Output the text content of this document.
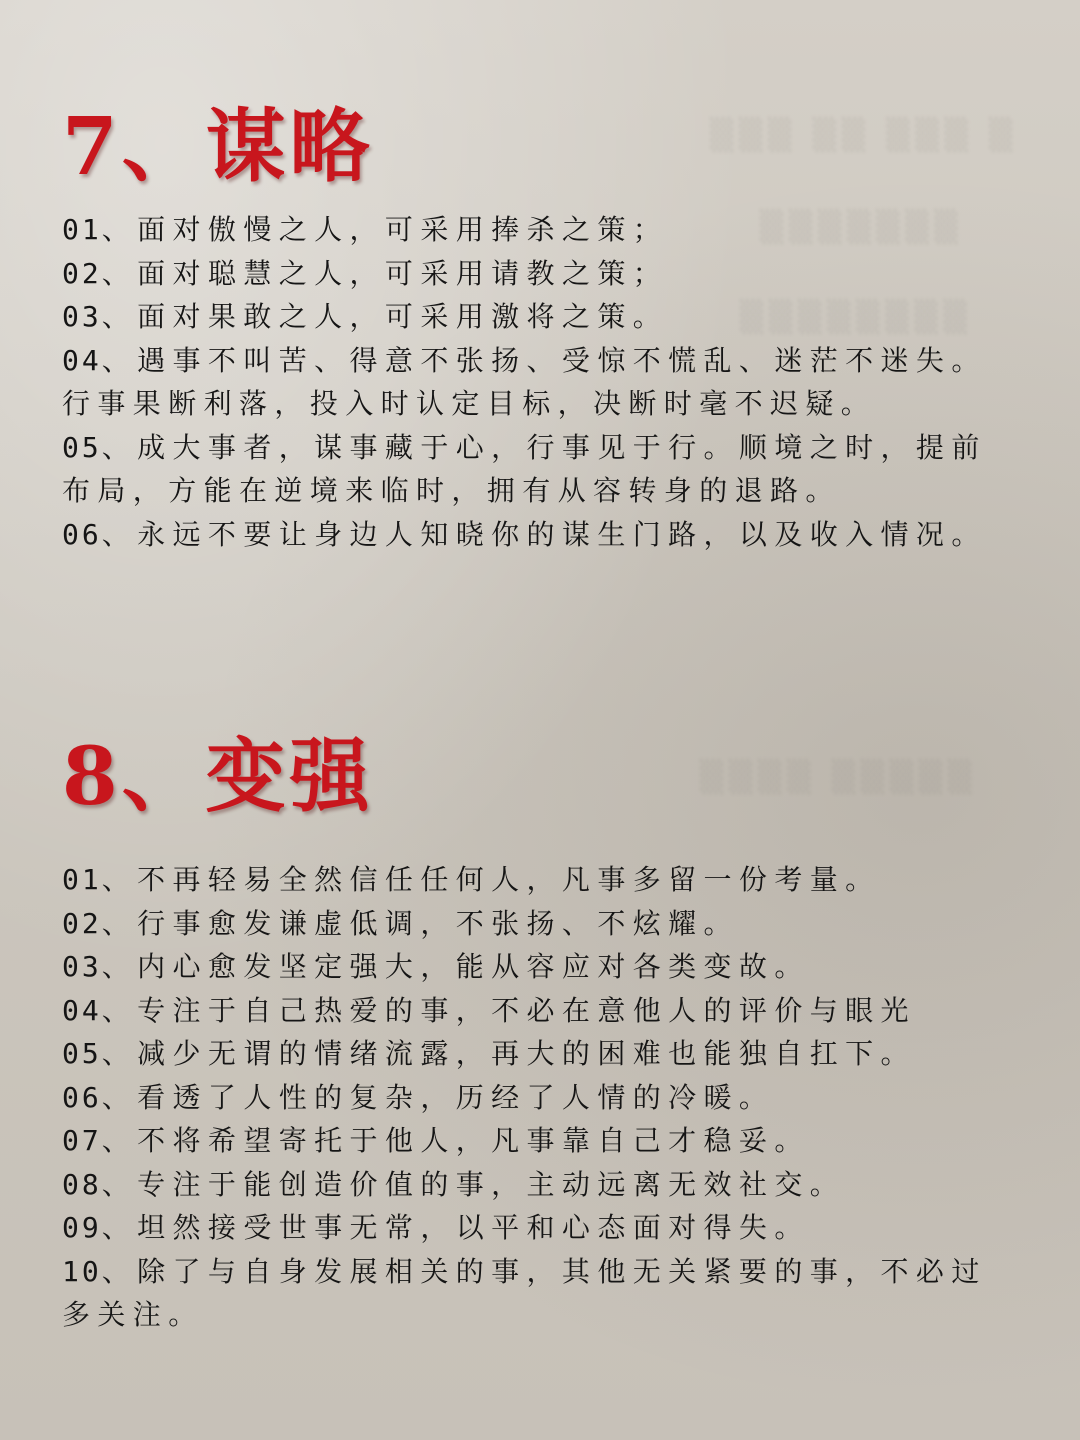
▒▒▒ ▒▒ ▒▒▒ ▒
▒▒▒▒▒▒▒
▒▒▒▒▒▒▒▒
▒▒▒▒ ▒▒▒▒▒
7、谋略
01、面对傲慢之人，可采用捧杀之策；
02、面对聪慧之人，可采用请教之策；
03、面对果敢之人，可采用激将之策。
04、遇事不叫苦、得意不张扬、受惊不慌乱、迷茫不迷失。行事果断利落，投入时认定目标，决断时毫不迟疑。
05、成大事者，谋事藏于心，行事见于行。顺境之时，提前布局，方能在逆境来临时，拥有从容转身的退路。
06、永远不要让身边人知晓你的谋生门路，以及收入情况。
8、变强
01、不再轻易全然信任任何人，凡事多留一份考量。
02、行事愈发谦虚低调，不张扬、不炫耀。
03、内心愈发坚定强大，能从容应对各类变故。
04、专注于自己热爱的事，不必在意他人的评价与眼光
05、减少无谓的情绪流露，再大的困难也能独自扛下。
06、看透了人性的复杂，历经了人情的冷暖。
07、不将希望寄托于他人，凡事靠自己才稳妥。
08、专注于能创造价值的事，主动远离无效社交。
09、坦然接受世事无常，以平和心态面对得失。
10、除了与自身发展相关的事，其他无关紧要的事，不必过多关注。
